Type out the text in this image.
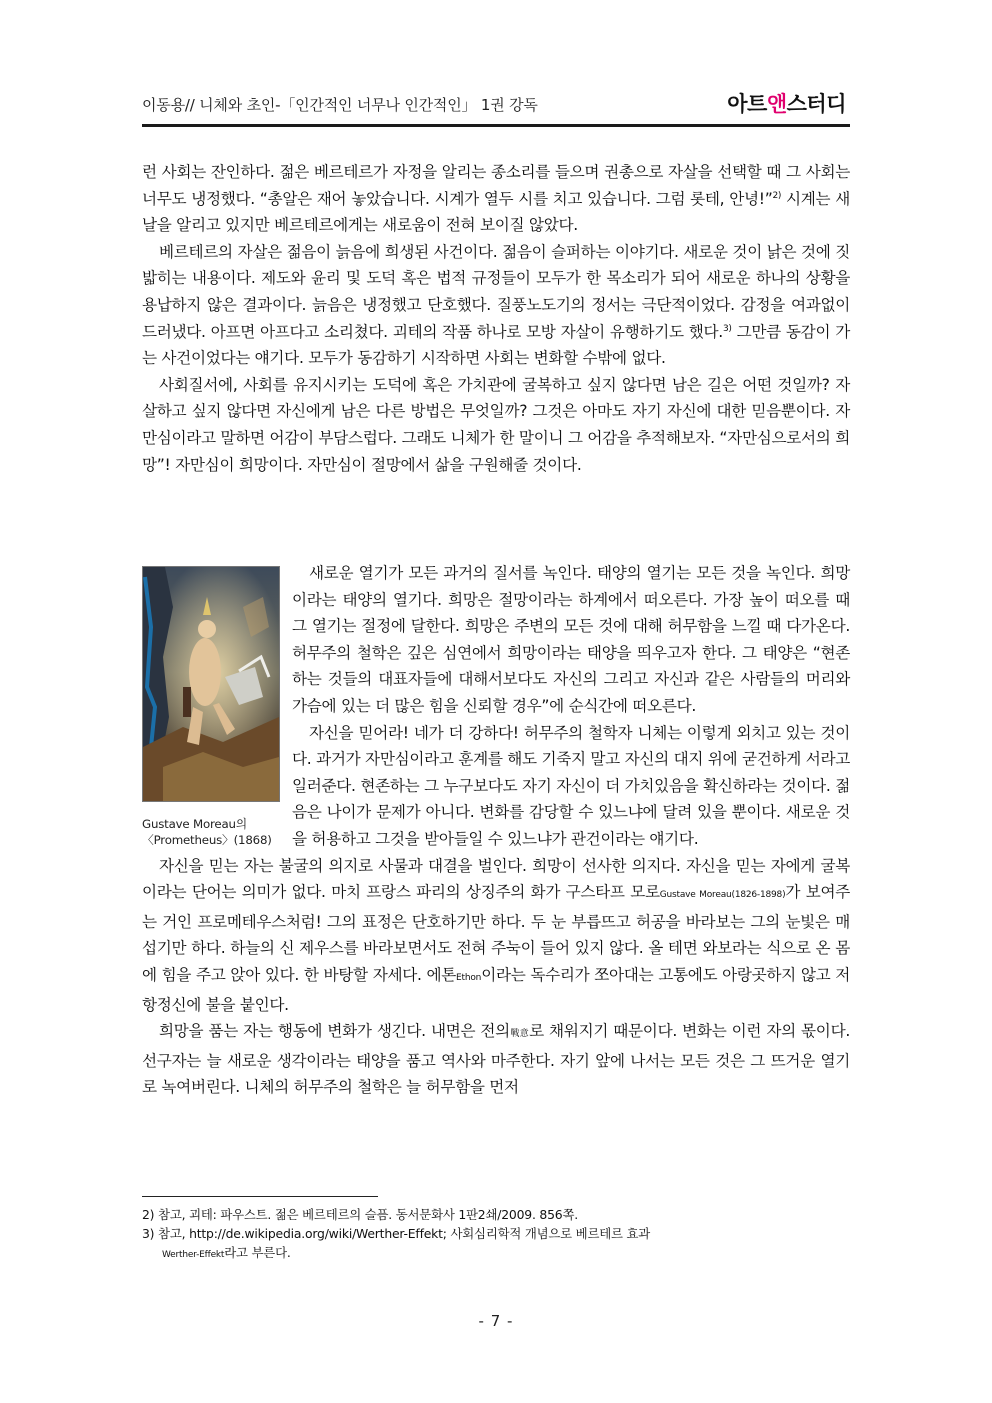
이동용// 니체와 초인-「인간적인 너무나 인간적인」 1권 강독	아트앤스터디

런 사회는 잔인하다. 젊은 베르테르가 자정을 알리는 종소리를 들으며 권총으로 자살을 선택할 때 그 사회는 너무도 냉정했다. “총알은 재어 놓았습니다. 시계가 열두 시를 치고 있습니다. 그럼 롯테, 안녕!”$^{2)}$ 시계는 새날을 알리고 있지만 베르테르에게는 새로움이 전혀 보이질 않았다.

베르테르의 자살은 젊음이 늙음에 희생된 사건이다. 젊음이 슬퍼하는 이야기다. 새로운 것이 낡은 것에 짓밟히는 내용이다. 제도와 윤리 및 도덕 혹은 법적 규정들이 모두가 한 목소리가 되어 새로운 하나의 상황을 용납하지 않은 결과이다. 늙음은 냉정했고 단호했다. 질풍노도기의 정서는 극단적이었다. 감정을 여과없이 드러냈다. 아프면 아프다고 소리쳤다. 괴테의 작품 하나로 모방 자살이 유행하기도 했다.$^{3)}$ 그만큼 동감이 가는 사건이었다는 얘기다. 모두가 동감하기 시작하면 사회는 변화할 수밖에 없다.

사회질서에, 사회를 유지시키는 도덕에 혹은 가치관에 굴복하고 싶지 않다면 남은 길은 어떤 것일까? 자살하고 싶지 않다면 자신에게 남은 다른 방법은 무엇일까? 그것은 아마도 자기 자신에 대한 믿음뿐이다. 자만심이라고 말하면 어감이 부담스럽다. 그래도 니체가 한 말이니 그 어감을 추적해보자. “자만심으로서의 희망”! 자만심이 희망이다. 자만심이 절망에서 삶을 구원해줄 것이다.

Gustave Moreau의
〈Prometheus〉(1868)
새로운 열기가 모든 과거의 질서를 녹인다. 태양의 열기는 모든 것을 녹인다. 희망이라는 태양의 열기다. 희망은 절망이라는 하계에서 떠오른다. 가장 높이 떠오를 때 그 열기는 절정에 달한다. 희망은 주변의 모든 것에 대해 허무함을 느낄 때 다가온다. 허무주의 철학은 깊은 심연에서 희망이라는 태양을 띄우고자 한다. 그 태양은 “현존하는 것들의 대표자들에 대해서보다도 자신의 그리고 자신과 같은 사람들의 머리와 가슴에 있는 더 많은 힘을 신뢰할 경우”에 순식간에 떠오른다.

자신을 믿어라! 네가 더 강하다! 허무주의 철학자 니체는 이렇게 외치고 있는 것이다. 과거가 자만심이라고 훈계를 해도 기죽지 말고 자신의 대지 위에 굳건하게 서라고 일러준다. 현존하는 그 누구보다도 자기 자신이 더 가치있음을 확신하라는 것이다. 젊음은 나이가 문제가 아니다. 변화를 감당할 수 있느냐에 달려 있을 뿐이다. 새로운 것을 허용하고 그것을 받아들일 수 있느냐가 관건이라는 얘기다.

자신을 믿는 자는 불굴의 의지로 사물과 대결을 벌인다. 희망이 선사한 의지다. 자신을 믿는 자에게 굴복이라는 단어는 의미가 없다. 마치 프랑스 파리의 상징주의 화가 구스타프 모로Gustave Moreau(1826-1898)가 보여주는 거인 프로메테우스처럼! 그의 표정은 단호하기만 하다. 두 눈 부릅뜨고 허공을 바라보는 그의 눈빛은 매섭기만 하다. 하늘의 신 제우스를 바라보면서도 전혀 주눅이 들어 있지 않다. 올 테면 와보라는 식으로 온 몸에 힘을 주고 앉아 있다. 한 바탕할 자세다. 에톤Ethon이라는 독수리가 쪼아대는 고통에도 아랑곳하지 않고 저항정신에 불을 붙인다.

희망을 품는 자는 행동에 변화가 생긴다. 내면은 전의戰意로 채워지기 때문이다. 변화는 이런 자의 몫이다. 선구자는 늘 새로운 생각이라는 태양을 품고 역사와 마주한다. 자기 앞에 나서는 모든 것은 그 뜨거운 열기로 녹여버린다. 니체의 허무주의 철학은 늘 허무함을 먼저

2) 참고, 괴테: 파우스트. 젊은 베르테르의 슬픔. 동서문화사 1판2쇄/2009. 856쪽.

3) 참고, http://de.wikipedia.org/wiki/Werther-Effekt; 사회심리학적 개념으로 베르테르 효과

Werther-Effekt라고 부른다.

- 7 -
